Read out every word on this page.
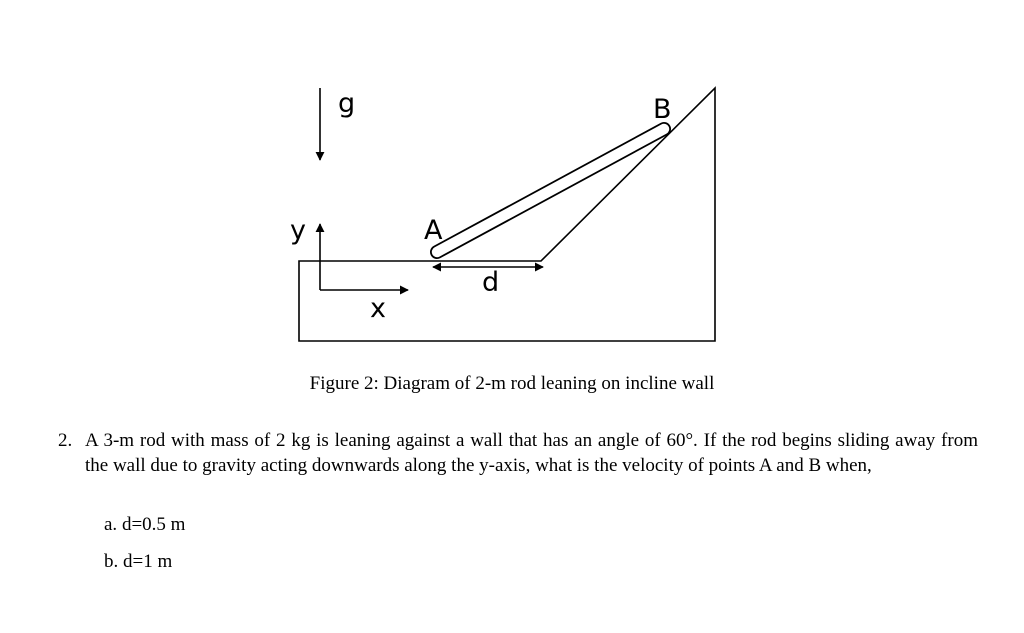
g
y
x
A
B
d
Figure 2: Diagram of 2-m rod leaning on incline wall
2. A 3-m rod with mass of 2 kg is leaning against a wall that has an angle of 60°. If the rod begins sliding away from the wall due to gravity acting downwards along the y-axis, what is the velocity of points A and B when,
a. d=0.5 m
b. d=1 m
